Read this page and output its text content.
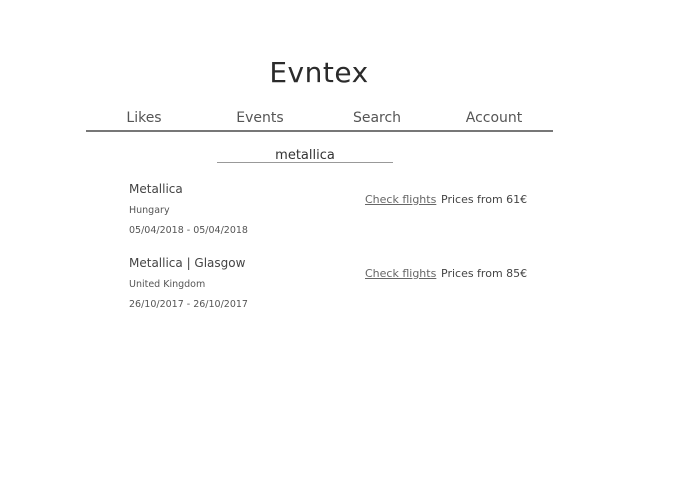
Evntex
Likes	Events	Search	Account
metallica
Metallica
Hungary
05/04/2018 - 05/04/2018
Check flights Prices from 61€
Metallica | Glasgow
United Kingdom
26/10/2017 - 26/10/2017
Check flights Prices from 85€
